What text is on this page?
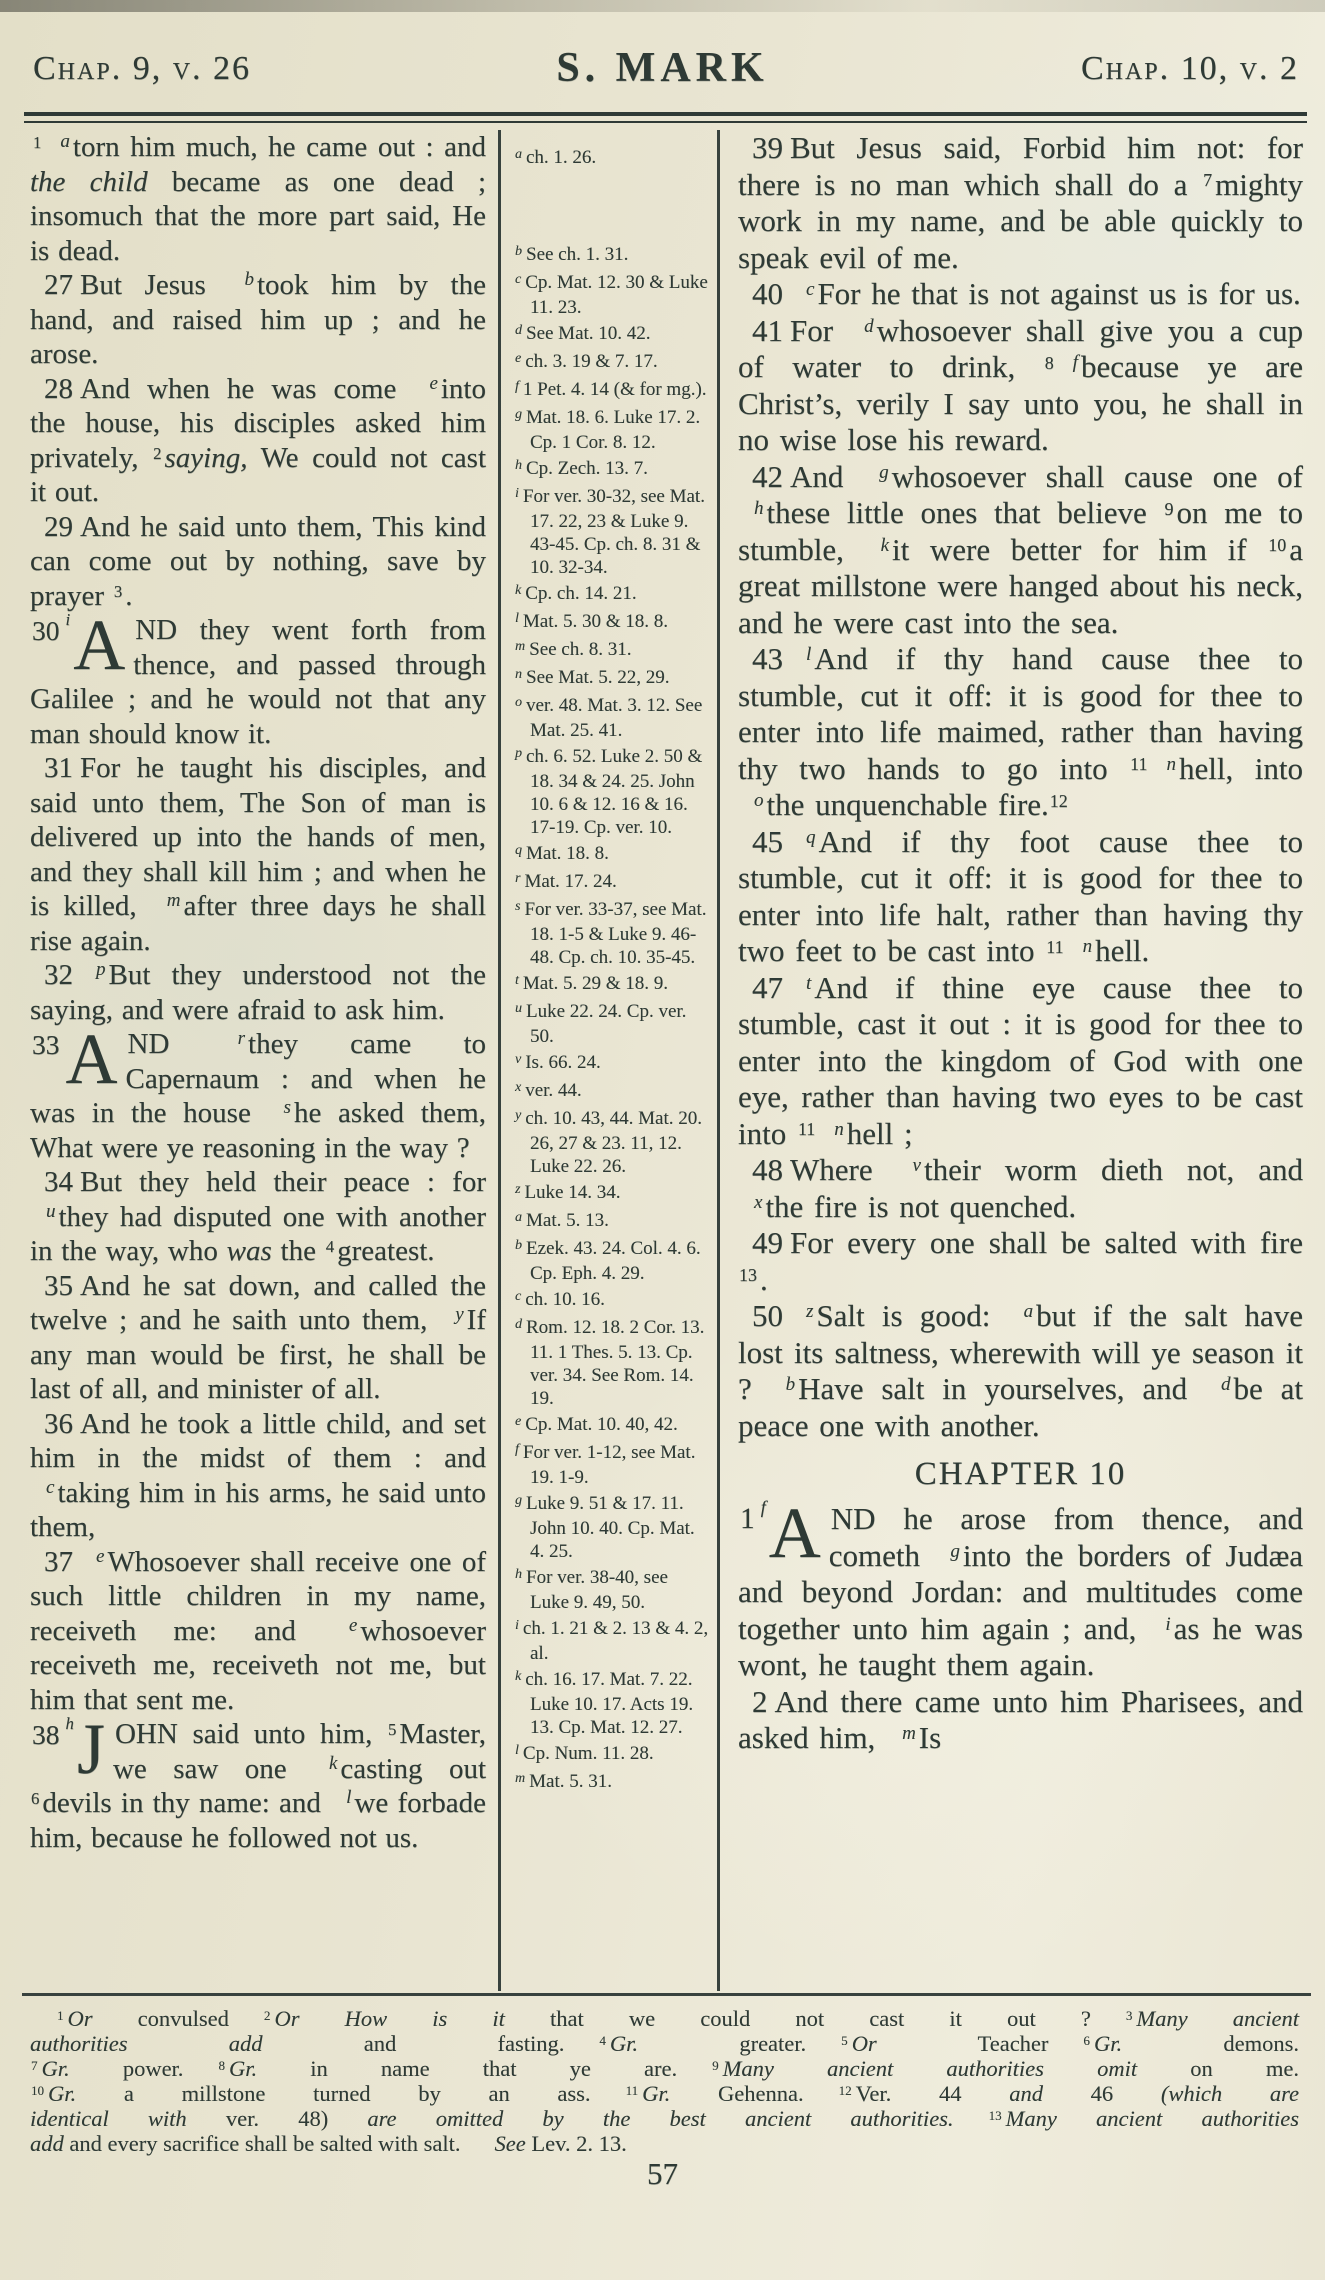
Chap. 9, v. 26	S. MARK	Chap. 10, v. 2

$^1$ $^a$ torn him much, he came out : and the child became as one dead ; insomuch that the more part said, He is dead.

27 But Jesus $^b$ took him by the hand, and raised him up ; and he arose.

28 And when he was come $^e$ into the house, his disciples asked him privately, $^2$ saying, We could not cast it out.

29 And he said unto them, This kind can come out by nothing, save by prayer $^3$ .

30 $^i$A ND they went forth from thence, and passed through Galilee ; and he would not that any man should know it.

31 For he taught his disciples, and said unto them, The Son of man is delivered up into the hands of men, and they shall kill him ; and when he is killed, $^m$ after three days he shall rise again.

32 $^p$ But they understood not the saying, and were afraid to ask him.

33A ND $^r$ they came to Capernaum : and when he was in the house $^s$ he asked them, What were ye reasoning in the way ?

34 But they held their peace : for $^u$ they had disputed one with another in the way, who was the $^4$ greatest.

35 And he sat down, and called the twelve ; and he saith unto them, $^y$ If any man would be first, he shall be last of all, and minister of all.

36 And he took a little child, and set him in the midst of them : and $^c$ taking him in his arms, he said unto them,

37 $^e$ Whosoever shall receive one of such little children in my name, receiveth me: and $^e$ whosoever receiveth me, receiveth not me, but him that sent me.

38 $^h$J OHN said unto him, $^5$ Master, we saw one $^k$ casting out $^6$ devils in thy name: and $^l$ we forbade him, because he followed not us.

$^a$ ch. 1. 26.
$^b$ See ch. 1. 31.
$^c$ Cp. Mat. 12. 30 & Luke 11. 23.
$^d$ See Mat. 10. 42.
$^e$ ch. 3. 19 & 7. 17.
$^f$ 1 Pet. 4. 14 (& for mg.).
$^g$ Mat. 18. 6. Luke 17. 2. Cp. 1 Cor. 8. 12.
$^h$ Cp. Zech. 13. 7.
$^i$ For ver. 30-32, see Mat. 17. 22, 23 & Luke 9. 43-45. Cp. ch. 8. 31 & 10. 32-34.
$^k$ Cp. ch. 14. 21.
$^l$ Mat. 5. 30 & 18. 8.
$^m$ See ch. 8. 31.
$^n$ See Mat. 5. 22, 29.
$^o$ ver. 48. Mat. 3. 12. See Mat. 25. 41.
$^p$ ch. 6. 52. Luke 2. 50 & 18. 34 & 24. 25. John 10. 6 & 12. 16 & 16. 17-19. Cp. ver. 10.
$^q$ Mat. 18. 8.
$^r$ Mat. 17. 24.
$^s$ For ver. 33-37, see Mat. 18. 1-5 & Luke 9. 46-48. Cp. ch. 10. 35-45.
$^t$ Mat. 5. 29 & 18. 9.
$^u$ Luke 22. 24. Cp. ver. 50.
$^v$ Is. 66. 24.
$^x$ ver. 44.
$^y$ ch. 10. 43, 44. Mat. 20. 26, 27 & 23. 11, 12. Luke 22. 26.
$^z$ Luke 14. 34.
$^a$ Mat. 5. 13.
$^b$ Ezek. 43. 24. Col. 4. 6. Cp. Eph. 4. 29.
$^c$ ch. 10. 16.
$^d$ Rom. 12. 18. 2 Cor. 13. 11. 1 Thes. 5. 13. Cp. ver. 34. See Rom. 14. 19.
$^e$ Cp. Mat. 10. 40, 42.
$^f$ For ver. 1-12, see Mat. 19. 1-9.
$^g$ Luke 9. 51 & 17. 11. John 10. 40. Cp. Mat. 4. 25.
$^h$ For ver. 38-40, see Luke 9. 49, 50.
$^i$ ch. 1. 21 & 2. 13 & 4. 2, al.
$^k$ ch. 16. 17. Mat. 7. 22. Luke 10. 17. Acts 19. 13. Cp. Mat. 12. 27.
$^l$ Cp. Num. 11. 28.
$^m$ Mat. 5. 31.

39 But Jesus said, Forbid him not: for there is no man which shall do a $^7$mighty work in my name, and be able quickly to speak evil of me.

40 $^c$For he that is not against us is for us.

41 For $^d$whosoever shall give you a cup of water to drink, $^8$ $^f$because ye are Christ’s, verily I say unto you, he shall in no wise lose his reward.

42 And $^g$whosoever shall cause one of $^h$these little ones that believe $^9$on me to stumble, $^k$it were better for him if $^{10}$a great millstone were hanged about his neck, and he were cast into the sea.

43 $^l$And if thy hand cause thee to stumble, cut it off: it is good for thee to enter into life maimed, rather than having thy two hands to go into $^{11}$ $^n$hell, into $^o$the unquenchable fire.$^{12}$

45 $^q$And if thy foot cause thee to stumble, cut it off: it is good for thee to enter into life halt, rather than having thy two feet to be cast into $^{11}$ $^n$hell.

47 $^t$And if thine eye cause thee to stumble, cast it out : it is good for thee to enter into the kingdom of God with one eye, rather than having two eyes to be cast into $^{11}$ $^n$hell ;

48 Where $^v$their worm dieth not, and $^x$the fire is not quenched.

49 For every one shall be salted with fire $^{13}$.

50 $^z$Salt is good: $^a$but if the salt have lost its saltness, wherewith will ye season it ? $^b$Have salt in yourselves, and $^d$be at peace one with another.

CHAPTER 10

1 $^f$A ND he arose from thence, and cometh $^g$into the borders of Judæa and beyond Jordan: and multitudes come together unto him again ; and, $^i$as he was wont, he taught them again.

2 And there came unto him Pharisees, and asked him, $^m$Is

$^1$ Or convulsed	$^2$ Or How is it that we could not cast it out ?	$^3$ Many ancient
authorities add and fasting.	$^4$ Gr. greater.	$^5$ Or Teacher	$^6$ Gr. demons.
$^7$ Gr. power.	$^8$ Gr. in name that ye are.	$^9$ Many ancient authorities omit on me.
$^{10}$ Gr. a millstone turned by an ass.	$^{11}$ Gr. Gehenna.	$^{12}$ Ver. 44 and 46 (which are
identical with ver. 48) are omitted by the best ancient authorities.	$^{13}$ Many ancient authorities
add and every sacrifice shall be salted with salt. See Lev. 2. 13.
57
